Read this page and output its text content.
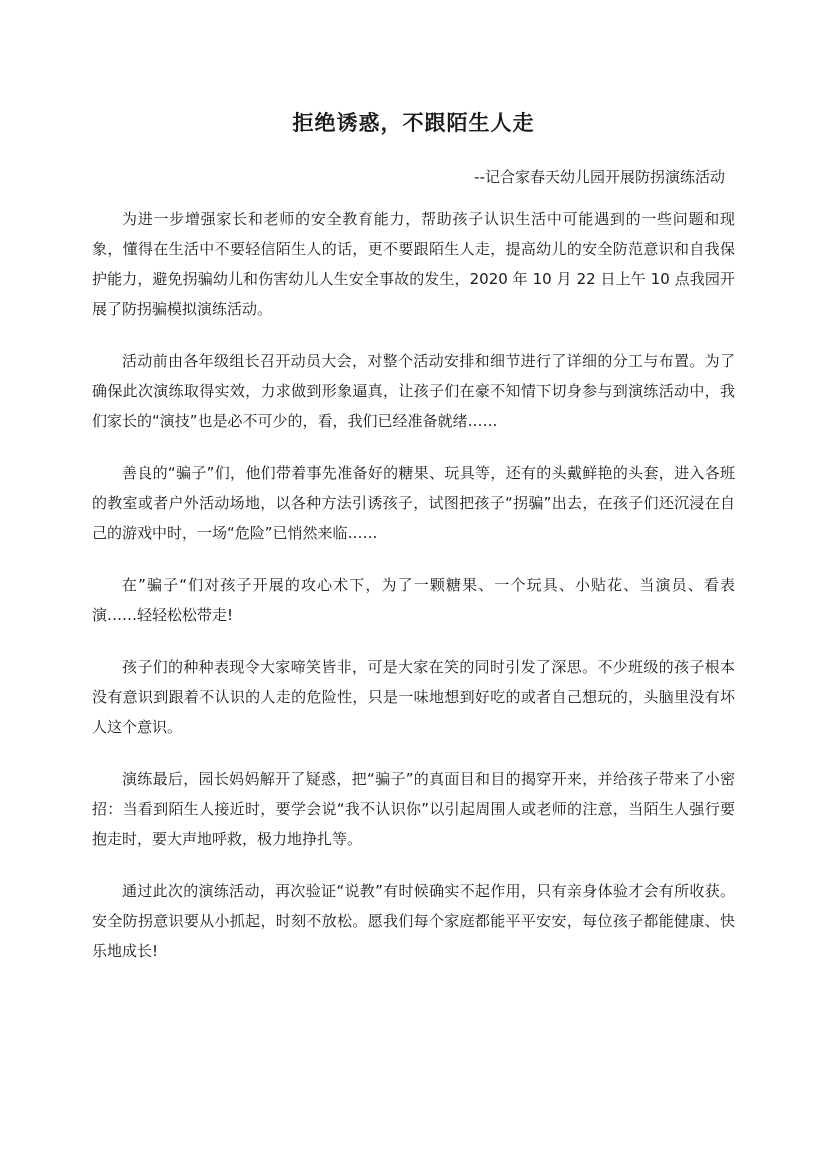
拒绝诱惑，不跟陌生人走
--记合家春天幼儿园开展防拐演练活动

为进一步增强家长和老师的安全教育能力，帮助孩子认识生活中可能遇到的一些问题和现象，懂得在生活中不要轻信陌生人的话，更不要跟陌生人走，提高幼儿的安全防范意识和自我保护能力，避免拐骗幼儿和伤害幼儿人生安全事故的发生，2020 年 10 月 22 日上午 10 点我园开展了防拐骗模拟演练活动。

活动前由各年级组长召开动员大会，对整个活动安排和细节进行了详细的分工与布置。为了确保此次演练取得实效，力求做到形象逼真，让孩子们在豪不知情下切身参与到演练活动中，我们家长的“演技”也是必不可少的，看，我们已经准备就绪……

善良的“骗子”们，他们带着事先准备好的糖果、玩具等，还有的头戴鲜艳的头套，进入各班的教室或者户外活动场地，以各种方法引诱孩子，试图把孩子“拐骗”出去，在孩子们还沉浸在自己的游戏中时，一场“危险”已悄然来临……

在”骗子“们对孩子开展的攻心术下，为了一颗糖果、一个玩具、小贴花、当演员、看表演……轻轻松松带走!

孩子们的种种表现令大家啼笑皆非，可是大家在笑的同时引发了深思。不少班级的孩子根本没有意识到跟着不认识的人走的危险性，只是一味地想到好吃的或者自己想玩的，头脑里没有坏人这个意识。

演练最后，园长妈妈解开了疑惑，把“骗子”的真面目和目的揭穿开来，并给孩子带来了小密招：当看到陌生人接近时，要学会说“我不认识你”以引起周围人或老师的注意，当陌生人强行要抱走时，要大声地呼救，极力地挣扎等。

通过此次的演练活动，再次验证“说教”有时候确实不起作用，只有亲身体验才会有所收获。安全防拐意识要从小抓起，时刻不放松。愿我们每个家庭都能平平安安，每位孩子都能健康、快乐地成长!
